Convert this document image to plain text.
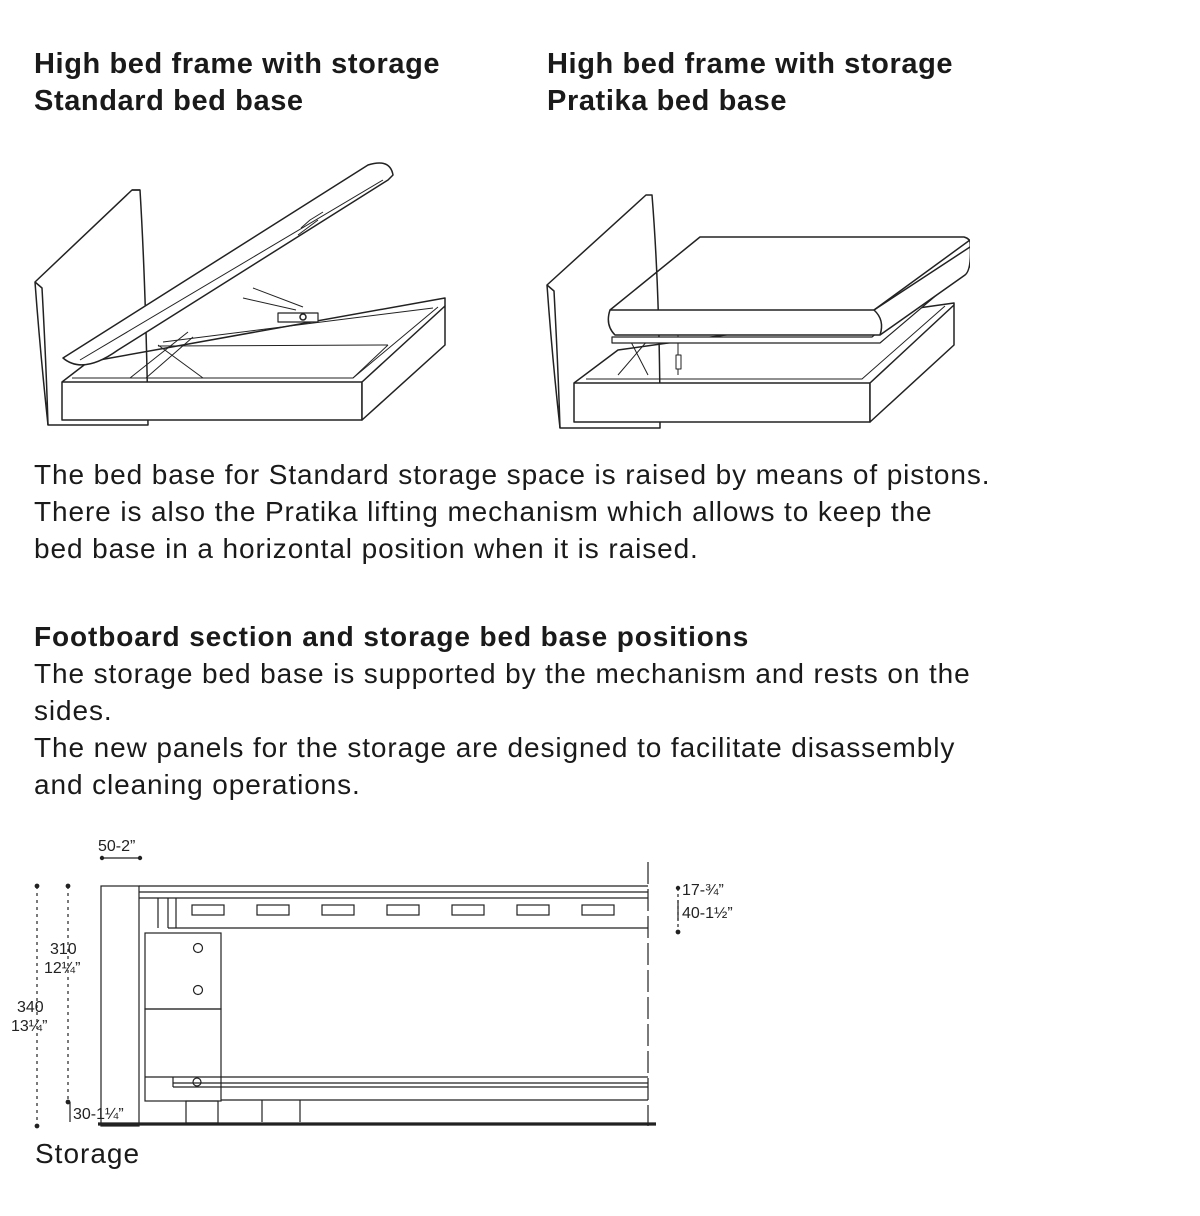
High bed frame with storage
Standard bed base
High bed frame with storage
Pratika bed base

The bed base for Standard storage space is raised by means of pistons.
There is also the Pratika lifting mechanism which allows to keep the
bed base in a horizontal position when it is raised.

Footboard section and storage bed base positions
The storage bed base is supported by the mechanism and rests on the
sides.
The new panels for the storage are designed to facilitate disassembly
and cleaning operations.

50-2”
310
12¼”
340
13¼”
30-1¼”
17-¾”
40-1½”

Storage
